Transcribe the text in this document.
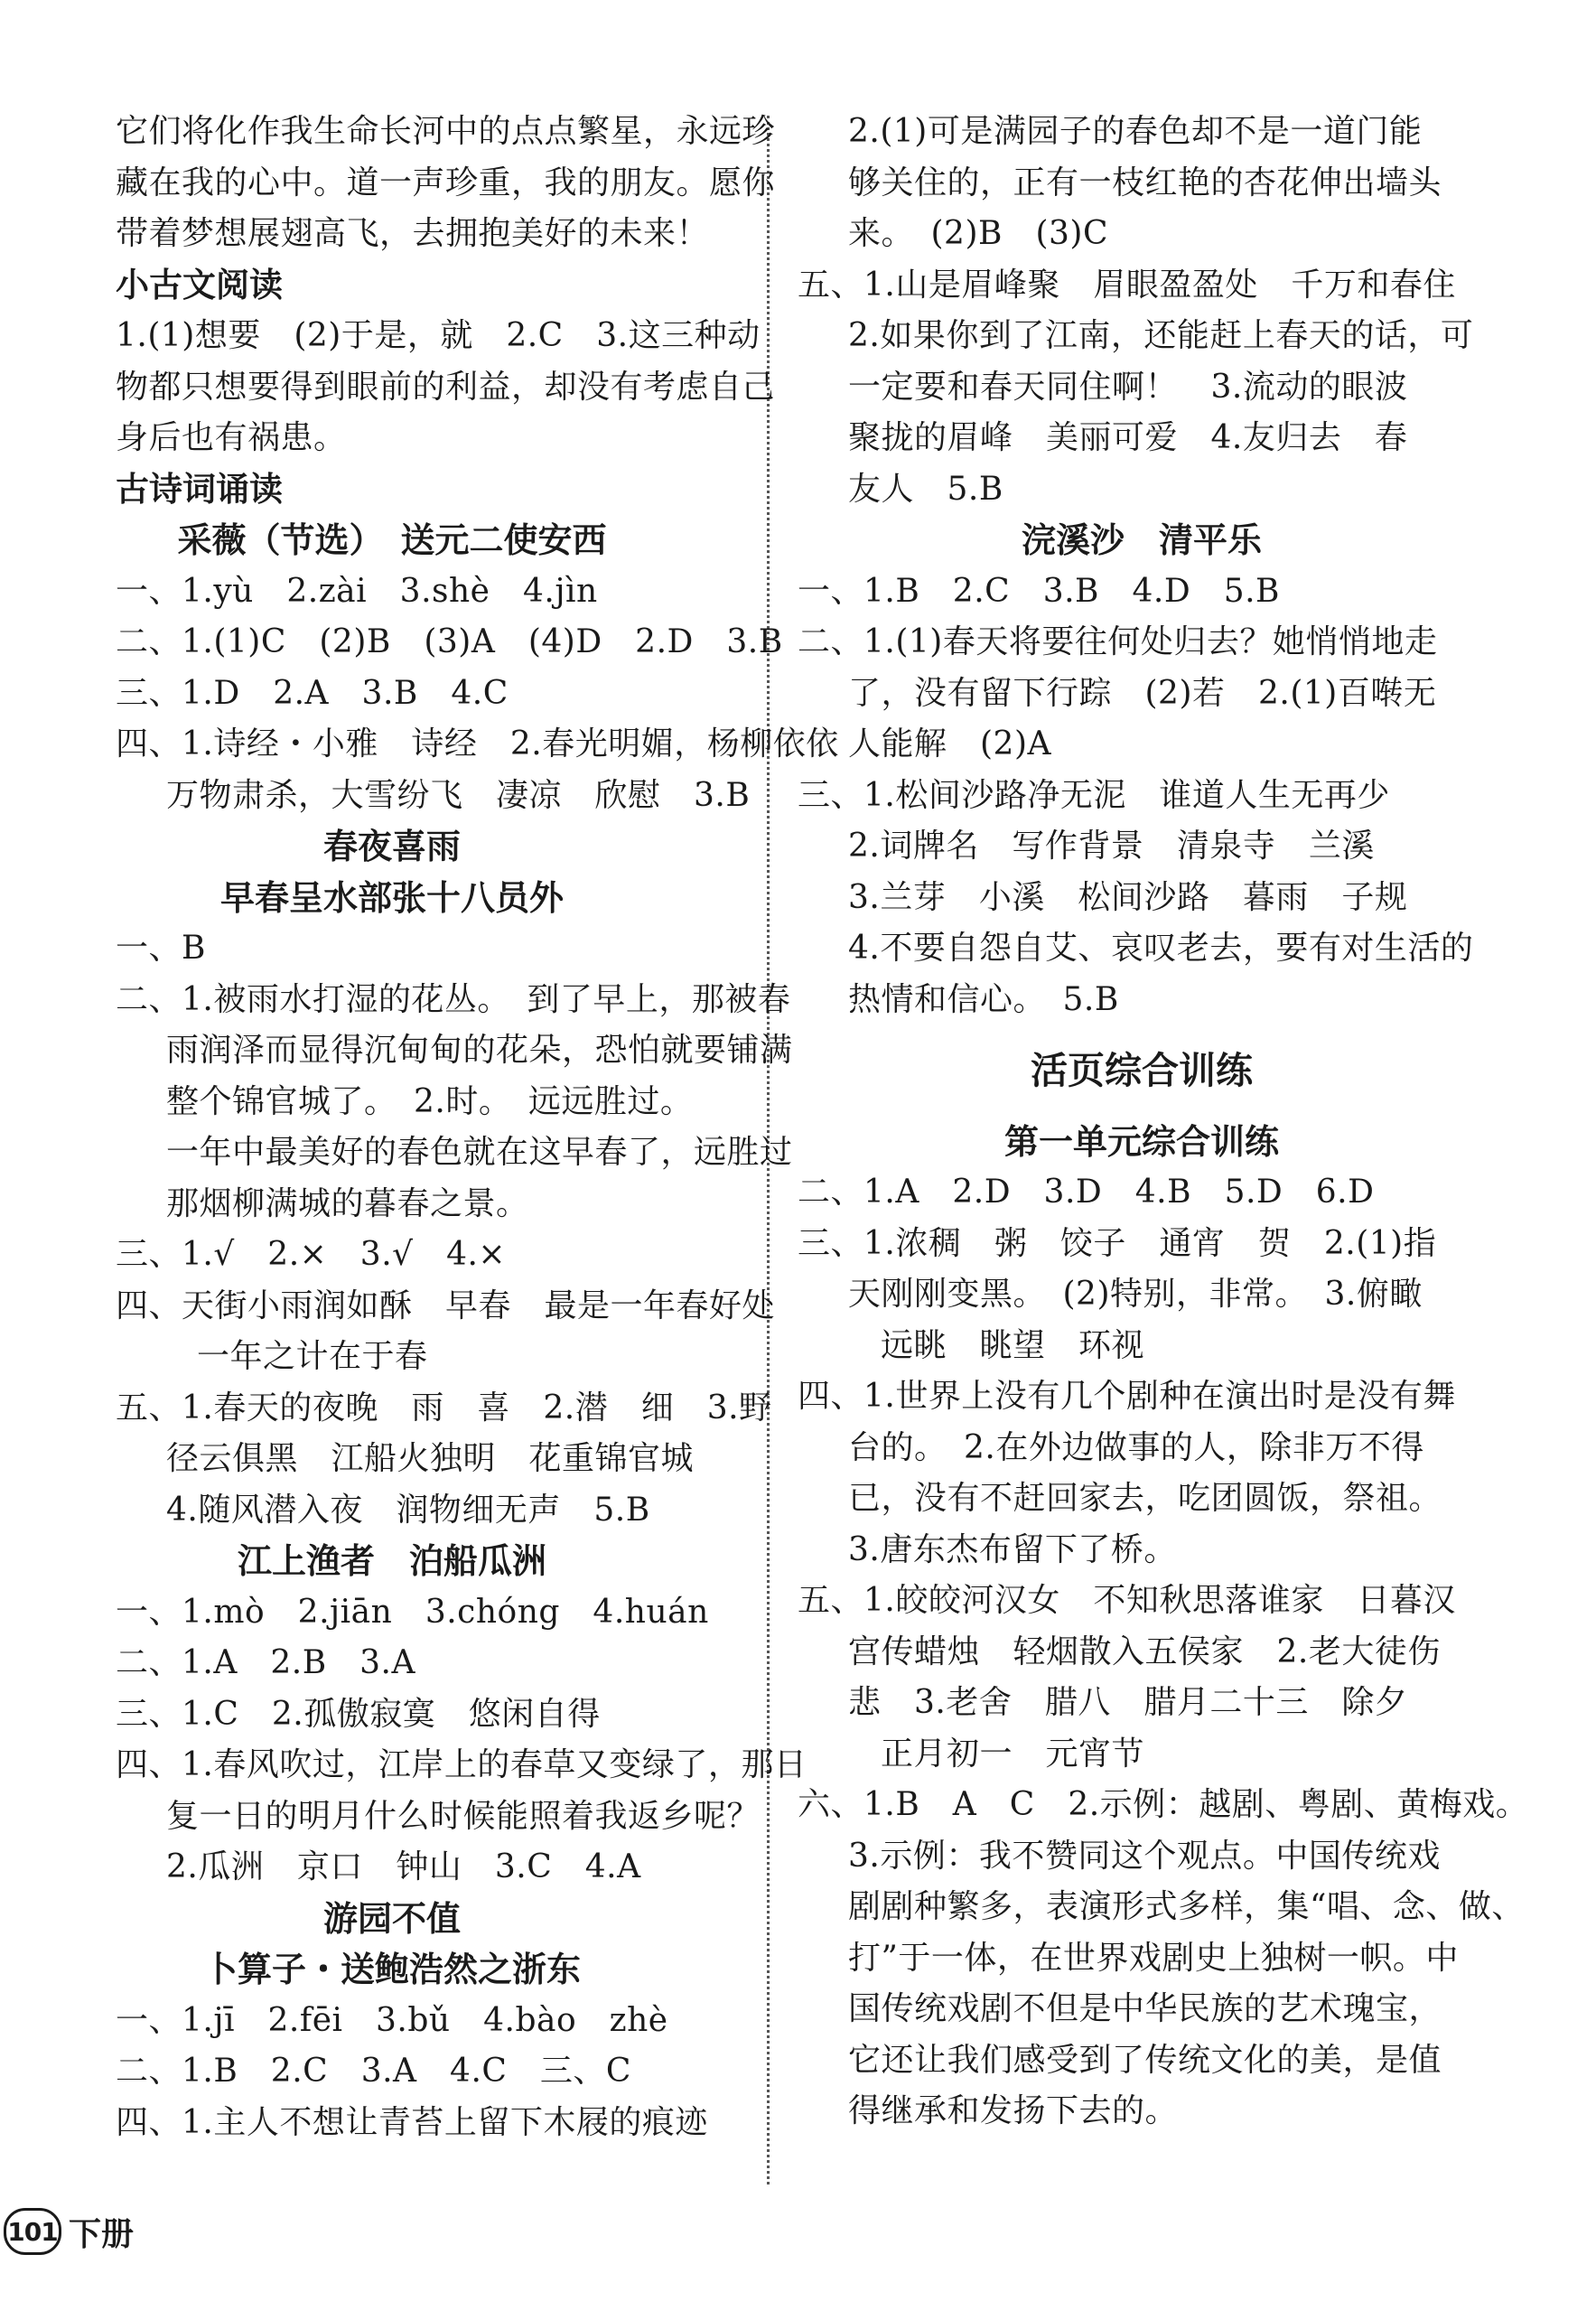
它们将化作我生命长河中的点点繁星，永远珍
藏在我的心中。道一声珍重，我的朋友。愿你
带着梦想展翅高飞，去拥抱美好的未来！
小古文阅读
1.(1)想要　(2)于是，就　2.C　3.这三种动
物都只想要得到眼前的利益，却没有考虑自己
身后也有祸患。
古诗词诵读
采薇（节选）　送元二使安西
一、1.yù　2.zài　3.shè　4.jìn
二、1.(1)C　(2)B　(3)A　(4)D　2.D　3.B
三、1.D　2.A　3.B　4.C
四、1.诗经・小雅　诗经　2.春光明媚，杨柳依依
万物肃杀，大雪纷飞　凄凉　欣慰　3.B
春夜喜雨
早春呈水部张十八员外
一、B
二、1.被雨水打湿的花丛。　到了早上，那被春
雨润泽而显得沉甸甸的花朵，恐怕就要铺满
整个锦官城了。　2.时。　远远胜过。
一年中最美好的春色就在这早春了，远胜过
那烟柳满城的暮春之景。
三、1.√　2.×　3.√　4.×
四、天街小雨润如酥　早春　最是一年春好处
一年之计在于春
五、1.春天的夜晚　雨　喜　2.潜　细　3.野
径云俱黑　江船火独明　花重锦官城
4.随风潜入夜　润物细无声　5.B
江上渔者　泊船瓜洲
一、1.mò　2.jiān　3.chóng　4.huán
二、1.A　2.B　3.A
三、1.C　2.孤傲寂寞　悠闲自得
四、1.春风吹过，江岸上的春草又变绿了，那日
复一日的明月什么时候能照着我返乡呢？
2.瓜洲　京口　钟山　3.C　4.A
游园不值
卜算子・送鲍浩然之浙东
一、1.jī　2.fēi　3.bǔ　4.bào　zhè
二、1.B　2.C　3.A　4.C　三、C
四、1.主人不想让青苔上留下木屐的痕迹
2.(1)可是满园子的春色却不是一道门能
够关住的，正有一枝红艳的杏花伸出墙头
来。　(2)B　(3)C
五、1.山是眉峰聚　眉眼盈盈处　千万和春住
2.如果你到了江南，还能赶上春天的话，可
一定要和春天同住啊！　3.流动的眼波
聚拢的眉峰　美丽可爱　4.友归去　春
友人　5.B
浣溪沙　清平乐
一、1.B　2.C　3.B　4.D　5.B
二、1.(1)春天将要往何处归去？她悄悄地走
了，没有留下行踪　(2)若　2.(1)百啭无
人能解　(2)A
三、1.松间沙路净无泥　谁道人生无再少
2.词牌名　写作背景　清泉寺　兰溪
3.兰芽　小溪　松间沙路　暮雨　子规
4.不要自怨自艾、哀叹老去，要有对生活的
热情和信心。　5.B
活页综合训练
第一单元综合训练
二、1.A　2.D　3.D　4.B　5.D　6.D
三、1.浓稠　粥　饺子　通宵　贺　2.(1)指
天刚刚变黑。　(2)特别，非常。　3.俯瞰
远眺　眺望　环视
四、1.世界上没有几个剧种在演出时是没有舞
台的。　2.在外边做事的人，除非万不得
已，没有不赶回家去，吃团圆饭，祭祖。
3.唐东杰布留下了桥。
五、1.皎皎河汉女　不知秋思落谁家　日暮汉
宫传蜡烛　轻烟散入五侯家　2.老大徒伤
悲　3.老舍　腊八　腊月二十三　除夕
正月初一　元宵节
六、1.B　A　C　2.示例：越剧、粤剧、黄梅戏。
3.示例：我不赞同这个观点。中国传统戏
剧剧种繁多，表演形式多样，集“唱、念、做、
打”于一体，在世界戏剧史上独树一帜。中
国传统戏剧不但是中华民族的艺术瑰宝，
它还让我们感受到了传统文化的美，是值
得继承和发扬下去的。
101 下册
